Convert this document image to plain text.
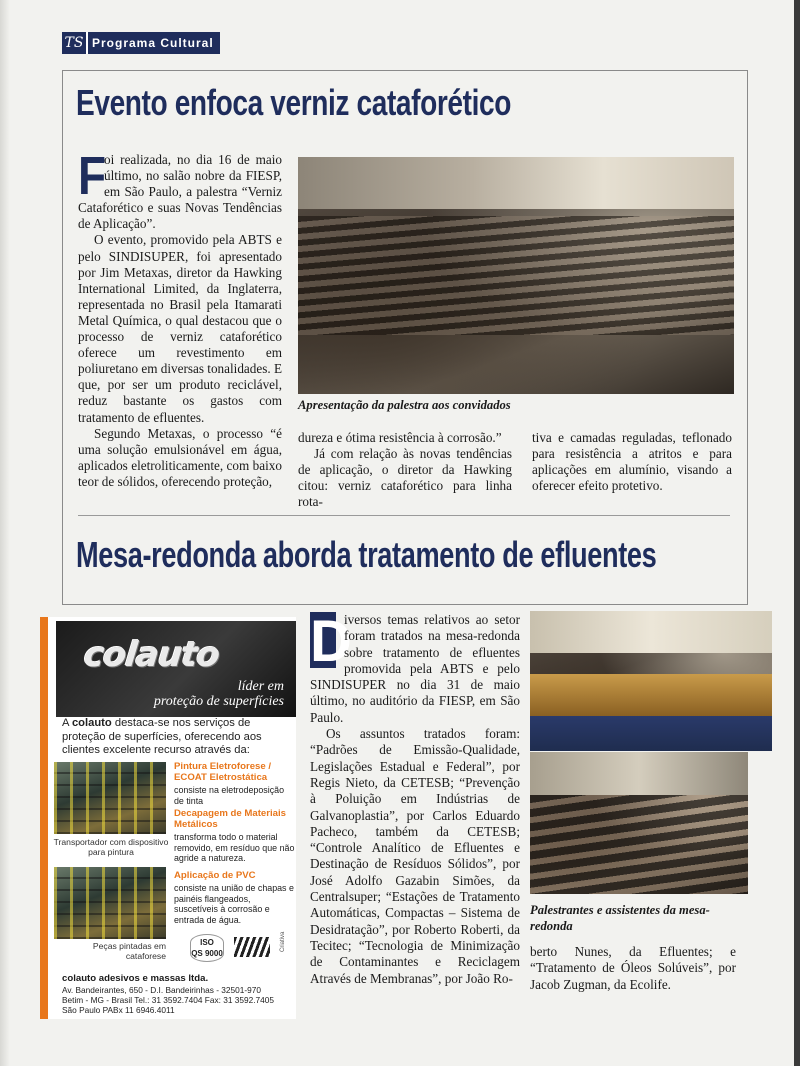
TS Programa Cultural
Evento enfoca verniz cataforético
F

oi realizada, no dia 16 de maio último, no salão nobre da FIESP, em São Paulo, a palestra “Verniz Cataforético e suas Novas Tendências de Aplicação”.

O evento, promovido pela ABTS e pelo SINDISUPER, foi apresentado por Jim Metaxas, diretor da Hawking International Limited, da Inglaterra, representada no Brasil pela Itamarati Metal Química, o qual destacou que o processo de verniz cataforético oferece um revestimento em poliuretano em diversas tonalidades. E que, por ser um produto reciclável, reduz bastante os gastos com tratamento de efluentes.

Segundo Metaxas, o processo “é uma solução emulsionável em água, aplicados eletroliticamente, com baixo teor de sólidos, oferecendo proteção,

Apresentação da palestra aos convidados

dureza e ótima resistência à corrosão.”

Já com relação às novas tendências de aplicação, o diretor da Hawking citou: verniz cataforético para linha rota-

tiva e camadas reguladas, teflonado para resistência a atritos e para aplicações em alumínio, visando a oferecer efeito protetivo.

Mesa-redonda aborda tratamento de efluentes
colauto
líder em
proteção de superfícies
A colauto destaca-se nos serviços de proteção de superfícies, oferecendo aos clientes excelente recurso através da:
Transportador com dispositivo para pintura
Peças pintadas em cataforese
Pintura Eletroforese / ECOAT Eletrostática
consiste na eletrodeposição de tinta
Decapagem de Materiais Metálicos
transforma todo o material removido, em resíduo que não agride a natureza.
Aplicação de PVC
consiste na união de chapas e painéis flangeados, suscetíveis à corrosão e entrada de água.
ISO
QS 9000
Criativa
colauto adesivos e massas ltda.
Av. Bandeirantes, 650 - D.I. Bandeirinhas - 32501-970
Betim - MG - Brasil Tel.: 31 3592.7404 Fax: 31 3592.7405
São Paulo PABx 11 6946.4011
D

iversos temas relativos ao setor foram tratados na mesa-redonda sobre tratamento de efluentes promovida pela ABTS e pelo SINDISUPER no dia 31 de maio último, no auditório da FIESP, em São Paulo.

Os assuntos tratados foram: “Padrões de Emissão-Qualidade, Legislações Estadual e Federal”, por Regis Nieto, da CETESB; “Prevenção à Poluição em Indústrias de Galvanoplastia”, por Carlos Eduardo Pacheco, também da CETESB; “Controle Analítico de Efluentes e Destinação de Resíduos Sólidos”, por José Adolfo Gazabin Simões, da Centralsuper; “Estações de Tratamento Automáticas, Compactas – Sistema de Desidratação”, por Roberto Roberti, da Tecitec; “Tecnologia de Minimização de Contaminantes e Reciclagem Através de Membranas”, por João Ro-

Palestrantes e assistentes da mesa-redonda

berto Nunes, da Efluentes; e “Tratamento de Óleos Solúveis”, por Jacob Zugman, da Ecolife.
